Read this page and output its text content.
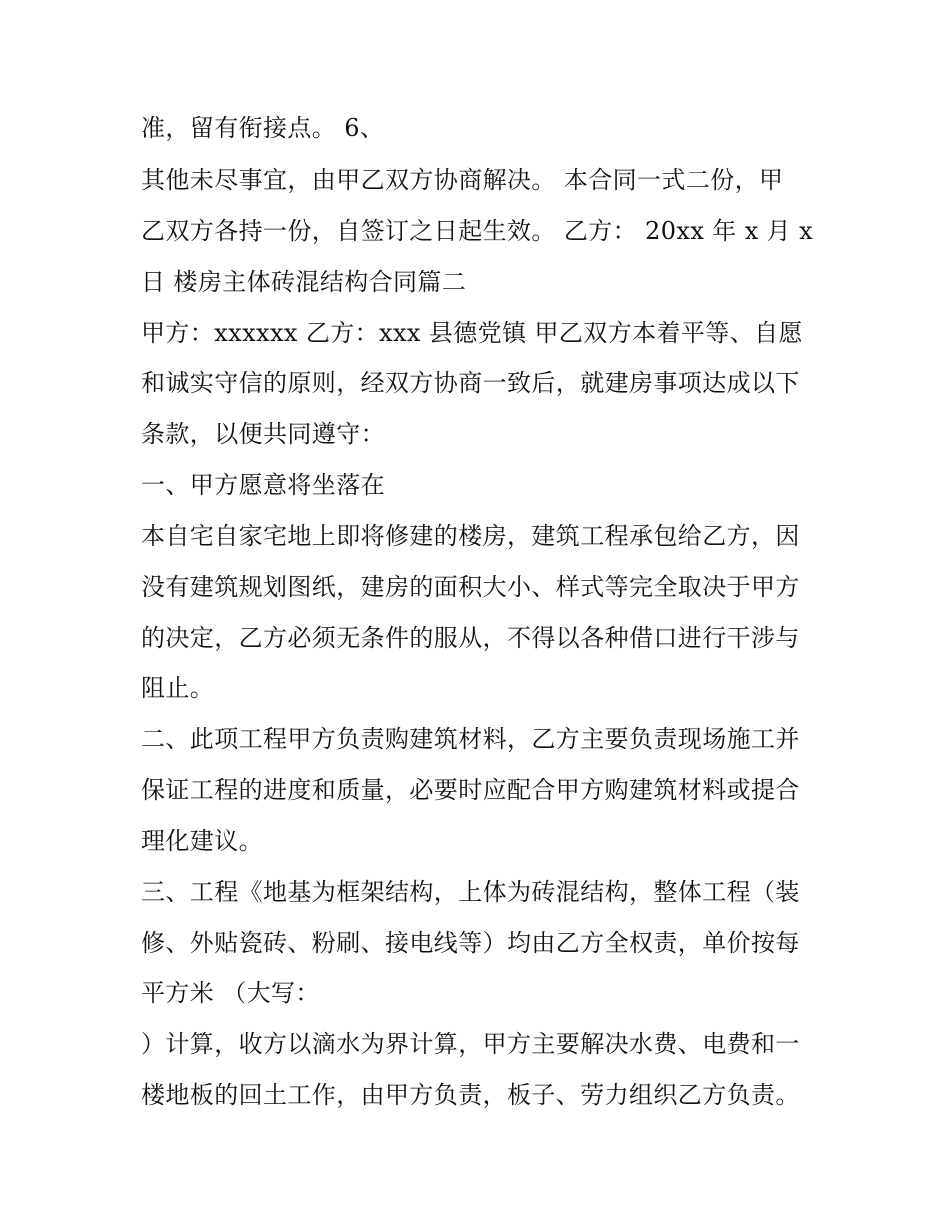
准，留有衔接点。 6、

其他未尽事宜，由甲乙双方协商解决。 本合同一式二份，甲

乙双方各持一份，自签订之日起生效。 乙方： 20xx 年 x 月 x

日 楼房主体砖混结构合同篇二

甲方：xxxxxx 乙方：xxx 县德党镇 甲乙双方本着平等、自愿

和诚实守信的原则，经双方协商一致后，就建房事项达成以下

条款，以便共同遵守：

一、甲方愿意将坐落在

本自宅自家宅地上即将修建的楼房，建筑工程承包给乙方，因

没有建筑规划图纸，建房的面积大小、样式等完全取决于甲方

的决定，乙方必须无条件的服从，不得以各种借口进行干涉与

阻止。

二、此项工程甲方负责购建筑材料，乙方主要负责现场施工并

保证工程的进度和质量，必要时应配合甲方购建筑材料或提合

理化建议。

三、工程《地基为框架结构，上体为砖混结构，整体工程（装

修、外贴瓷砖、粉刷、接电线等）均由乙方全权责，单价按每

平方米 （大写：

）计算，收方以滴水为界计算，甲方主要解决水费、电费和一

楼地板的回土工作，由甲方负责，板子、劳力组织乙方负责。
